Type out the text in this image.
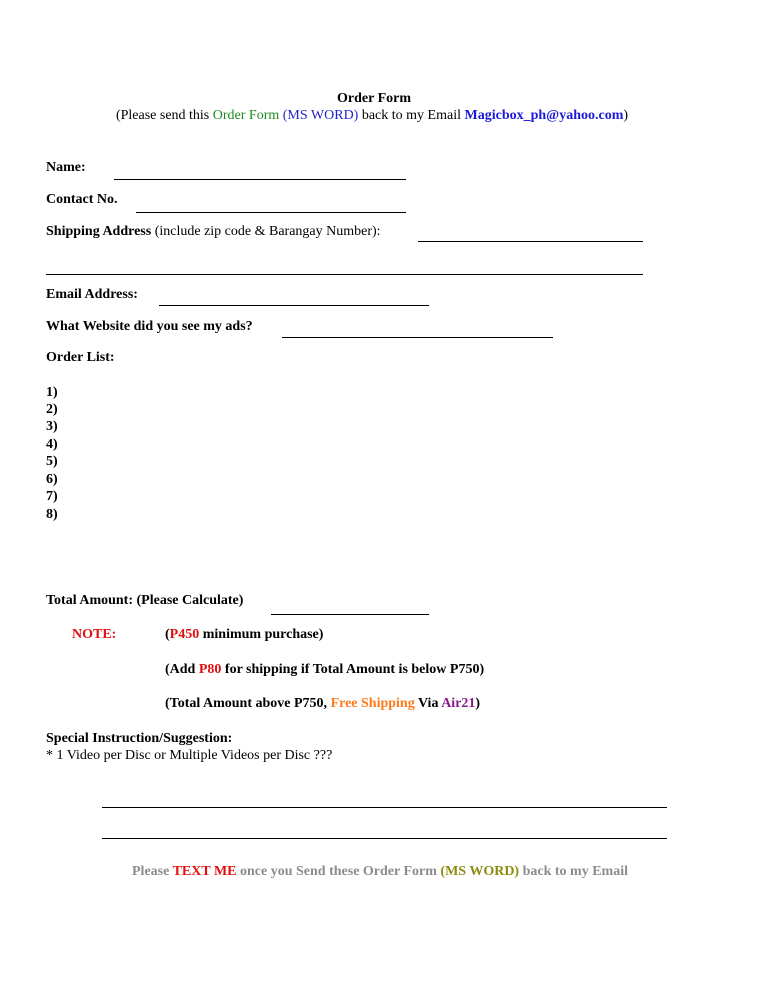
Order Form
(Please send this Order Form (MS WORD) back to my Email Magicbox_ph@yahoo.com)
Name:
Contact No.
Shipping Address (include zip code & Barangay Number):
Email Address:
What Website did you see my ads?
Order List:
1)
2)
3)
4)
5)
6)
7)
8)
Total Amount: (Please Calculate)
NOTE:	(P450 minimum purchase)
(Add P80 for shipping if Total Amount is below P750)
(Total Amount above P750, Free Shipping Via Air21)
Special Instruction/Suggestion:
* 1 Video per Disc or Multiple Videos per Disc ???
Please TEXT ME once you Send these Order Form (MS WORD) back to my Email
